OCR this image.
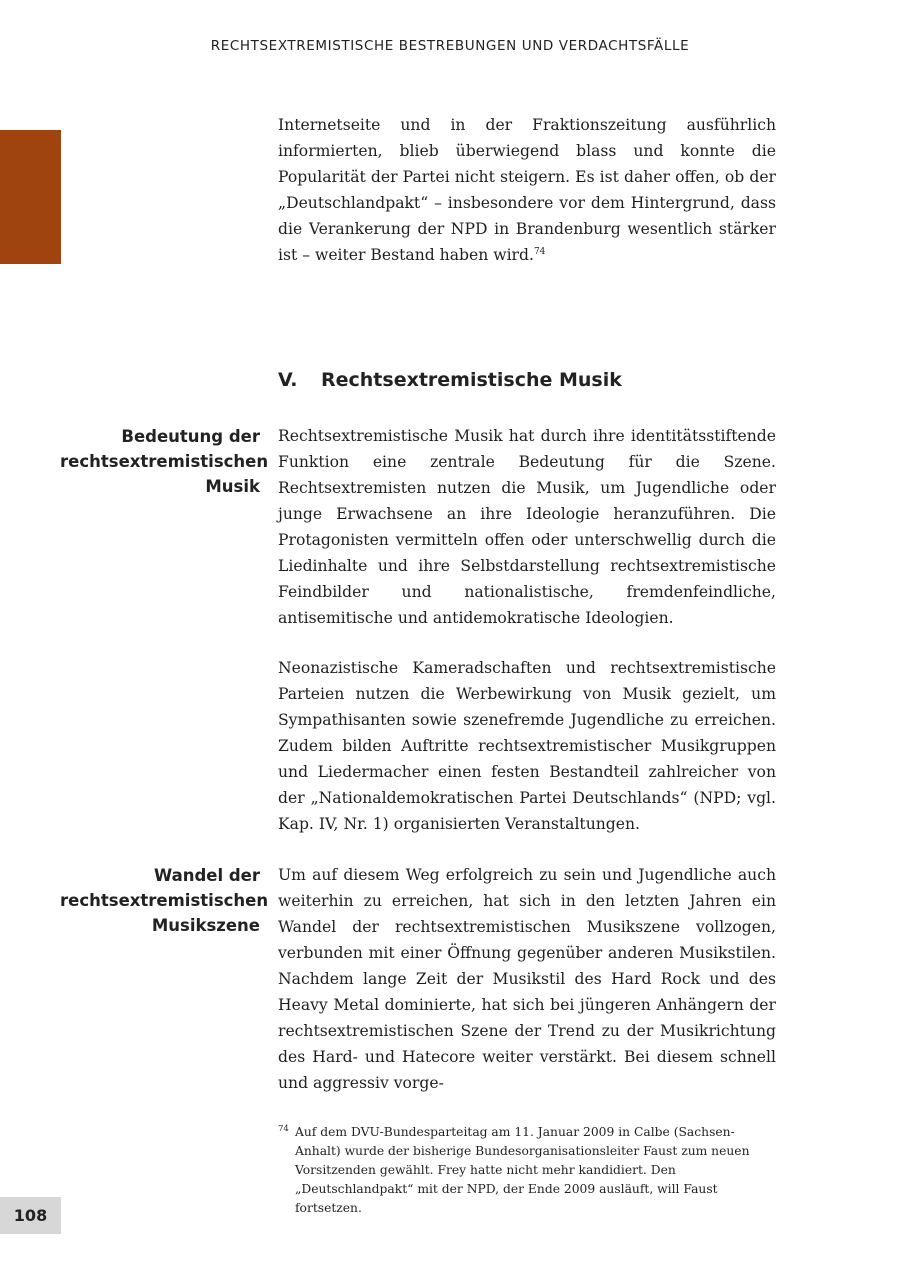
RECHTSEXTREMISTISCHE BESTREBUNGEN UND VERDACHTSFÄLLE

Internetseite und in der Fraktionszeitung ausführlich informierten, blieb überwiegend blass und konnte die Popularität der Partei nicht steigern. Es ist daher offen, ob der „Deutschlandpakt“ – insbesondere vor dem Hintergrund, dass die Verankerung der NPD in Brandenburg wesentlich stärker ist – weiter Bestand haben wird.$^{74}$

V. Rechtsextremistische Musik
Bedeutung der rechtsextremistischen Musik

Rechtsextremistische Musik hat durch ihre identitätsstiftende Funktion eine zentrale Bedeutung für die Szene. Rechtsextremisten nutzen die Musik, um Jugendliche oder junge Erwachsene an ihre Ideologie heranzuführen. Die Protagonisten vermitteln offen oder unterschwellig durch die Liedinhalte und ihre Selbstdarstellung rechtsextremistische Feindbilder und nationalistische, fremdenfeindliche, antisemitische und antidemokratische Ideologien.

Neonazistische Kameradschaften und rechtsextremistische Parteien nutzen die Werbewirkung von Musik gezielt, um Sympathisanten sowie szenefremde Jugendliche zu erreichen. Zudem bilden Auftritte rechtsextremistischer Musikgruppen und Liedermacher einen festen Bestandteil zahlreicher von der „Nationaldemokratischen Partei Deutschlands“ (NPD; vgl. Kap. IV, Nr. 1) organisierten Veranstaltungen.

Wandel der rechtsextremistischen Musikszene

Um auf diesem Weg erfolgreich zu sein und Jugendliche auch weiterhin zu erreichen, hat sich in den letzten Jahren ein Wandel der rechtsextremistischen Musikszene vollzogen, verbunden mit einer Öffnung gegenüber anderen Musikstilen. Nachdem lange Zeit der Musikstil des Hard Rock und des Heavy Metal dominierte, hat sich bei jüngeren Anhängern der rechtsextremistischen Szene der Trend zu der Musikrichtung des Hard- und Hatecore weiter verstärkt. Bei diesem schnell und aggressiv vorge-

74 Auf dem DVU-Bundesparteitag am 11. Januar 2009 in Calbe (Sachsen-Anhalt) wurde der bisherige Bundesorganisationsleiter Faust zum neuen Vorsitzenden gewählt. Frey hatte nicht mehr kandidiert. Den „Deutschlandpakt“ mit der NPD, der Ende 2009 ausläuft, will Faust fortsetzen.
108
